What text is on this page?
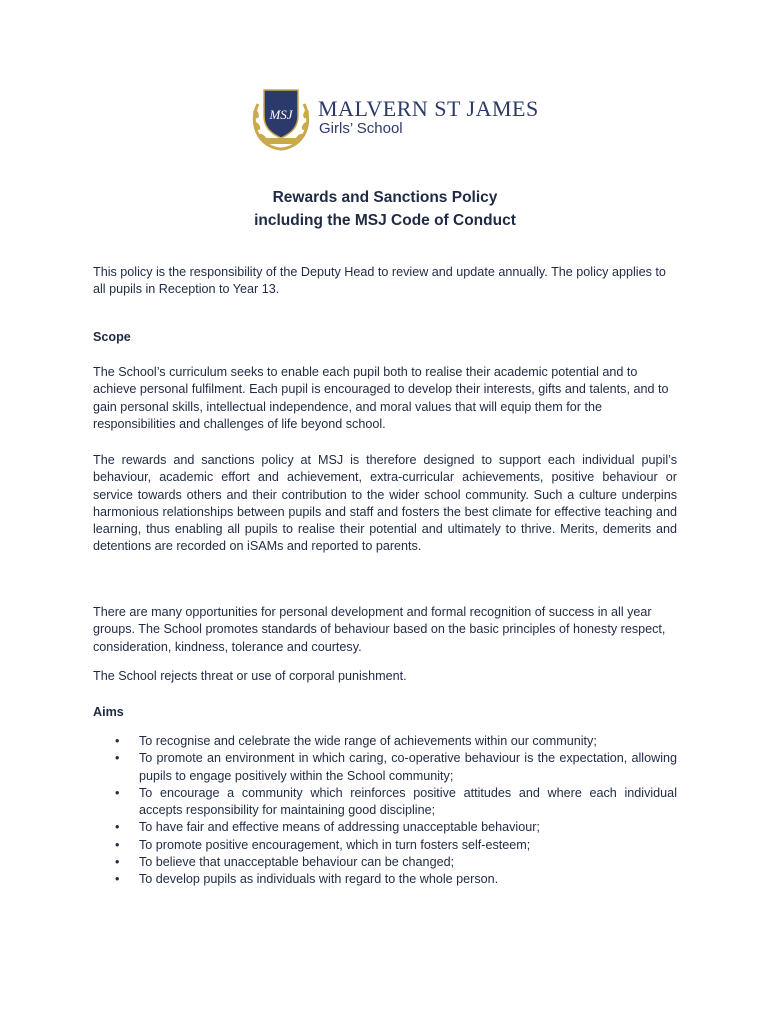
MSJ MALVERN ST JAMES
Girls’ School
Rewards and Sanctions Policy
including the MSJ Code of Conduct

This policy is the responsibility of the Deputy Head to review and update annually. The policy applies to all pupils in Reception to Year 13.

Scope

The School’s curriculum seeks to enable each pupil both to realise their academic potential and to achieve personal fulfilment. Each pupil is encouraged to develop their interests, gifts and talents, and to gain personal skills, intellectual independence, and moral values that will equip them for the responsibilities and challenges of life beyond school.

The rewards and sanctions policy at MSJ is therefore designed to support each individual pupil’s behaviour, academic effort and achievement, extra-curricular achievements, positive behaviour or service towards others and their contribution to the wider school community. Such a culture underpins harmonious relationships between pupils and staff and fosters the best climate for effective teaching and learning, thus enabling all pupils to realise their potential and ultimately to thrive. Merits, demerits and detentions are recorded on iSAMs and reported to parents.

There are many opportunities for personal development and formal recognition of success in all year groups. The School promotes standards of behaviour based on the basic principles of honesty respect, consideration, kindness, tolerance and courtesy.

The School rejects threat or use of corporal punishment.

Aims
• To recognise and celebrate the wide range of achievements within our community;
• To promote an environment in which caring, co-operative behaviour is the expectation, allowing pupils to engage positively within the School community;
• To encourage a community which reinforces positive attitudes and where each individual accepts responsibility for maintaining good discipline;
• To have fair and effective means of addressing unacceptable behaviour;
• To promote positive encouragement, which in turn fosters self-esteem;
• To believe that unacceptable behaviour can be changed;
• To develop pupils as individuals with regard to the whole person.
